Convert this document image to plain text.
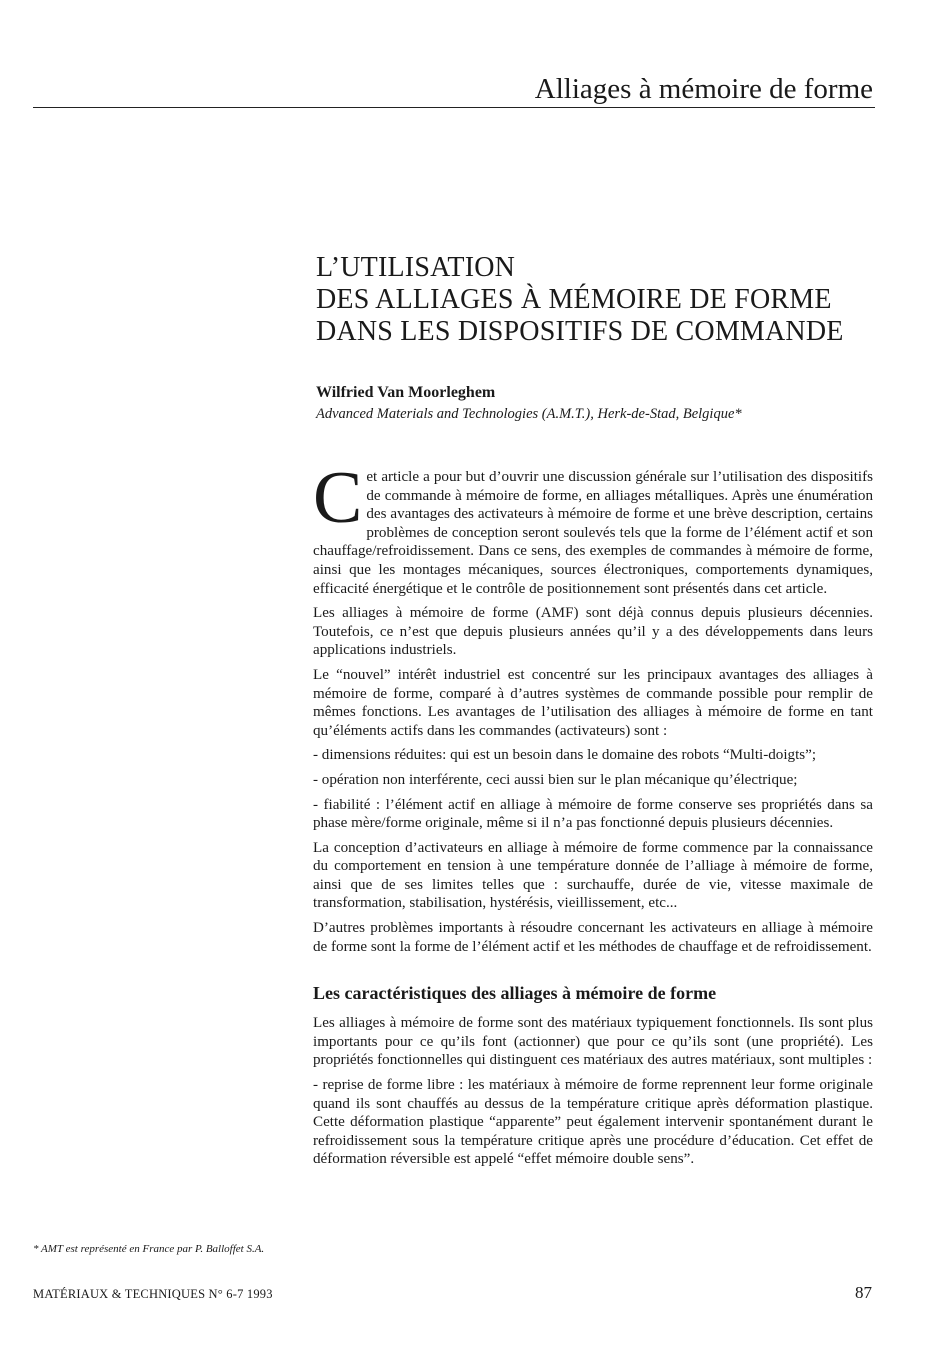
Alliages à mémoire de forme
L’UTILISATION
DES ALLIAGES À MÉMOIRE DE FORME
DANS LES DISPOSITIFS DE COMMANDE
Wilfried Van Moorleghem
Advanced Materials and Technologies (A.M.T.), Herk-de-Stad, Belgique*

Cet article a pour but d’ouvrir une discussion générale sur l’utilisation des dispositifs de commande à mémoire de forme, en alliages métalliques. Après une énumération des avantages des activateurs à mémoire de forme et une brève description, certains problèmes de conception seront soulevés tels que la forme de l’élément actif et son chauffage/refroidissement. Dans ce sens, des exemples de commandes à mémoire de forme, ainsi que les montages mécaniques, sources électroniques, comportements dynamiques, efficacité énergétique et le contrôle de positionnement sont présentés dans cet article.

Les alliages à mémoire de forme (AMF) sont déjà connus depuis plusieurs décennies. Toutefois, ce n’est que depuis plusieurs années qu’il y a des développements dans leurs applications industriels.

Le “nouvel” intérêt industriel est concentré sur les principaux avantages des alliages à mémoire de forme, comparé à d’autres systèmes de commande possible pour remplir de mêmes fonctions. Les avantages de l’utilisation des alliages à mémoire de forme en tant qu’éléments actifs dans les commandes (activateurs) sont :

- dimensions réduites: qui est un besoin dans le domaine des robots “Multi-doigts”;

- opération non interférente, ceci aussi bien sur le plan mécanique qu’électrique;

- fiabilité : l’élément actif en alliage à mémoire de forme conserve ses propriétés dans sa phase mère/forme originale, même si il n’a pas fonctionné depuis plusieurs décennies.

La conception d’activateurs en alliage à mémoire de forme commence par la connaissance du comportement en tension à une température donnée de l’alliage à mémoire de forme, ainsi que de ses limites telles que : surchauffe, durée de vie, vitesse maximale de transformation, stabilisation, hystérésis, vieillissement, etc...

D’autres problèmes importants à résoudre concernant les activateurs en alliage à mémoire de forme sont la forme de l’élément actif et les méthodes de chauffage et de refroidissement.

Les caractéristiques des alliages à mémoire de forme

Les alliages à mémoire de forme sont des matériaux typiquement fonctionnels. Ils sont plus importants pour ce qu’ils font (actionner) que pour ce qu’ils sont (une propriété). Les propriétés fonctionnelles qui distinguent ces matériaux des autres matériaux, sont multiples :

- reprise de forme libre : les matériaux à mémoire de forme reprennent leur forme originale quand ils sont chauffés au dessus de la température critique après déformation plastique. Cette déformation plastique “apparente” peut également intervenir spontanément durant le refroidissement sous la température critique après une procédure d’éducation. Cet effet de déformation réversible est appelé “effet mémoire double sens”.

* AMT est représenté en France par P. Balloffet S.A.
MATÉRIAUX & TECHNIQUES N° 6-7 1993	87
